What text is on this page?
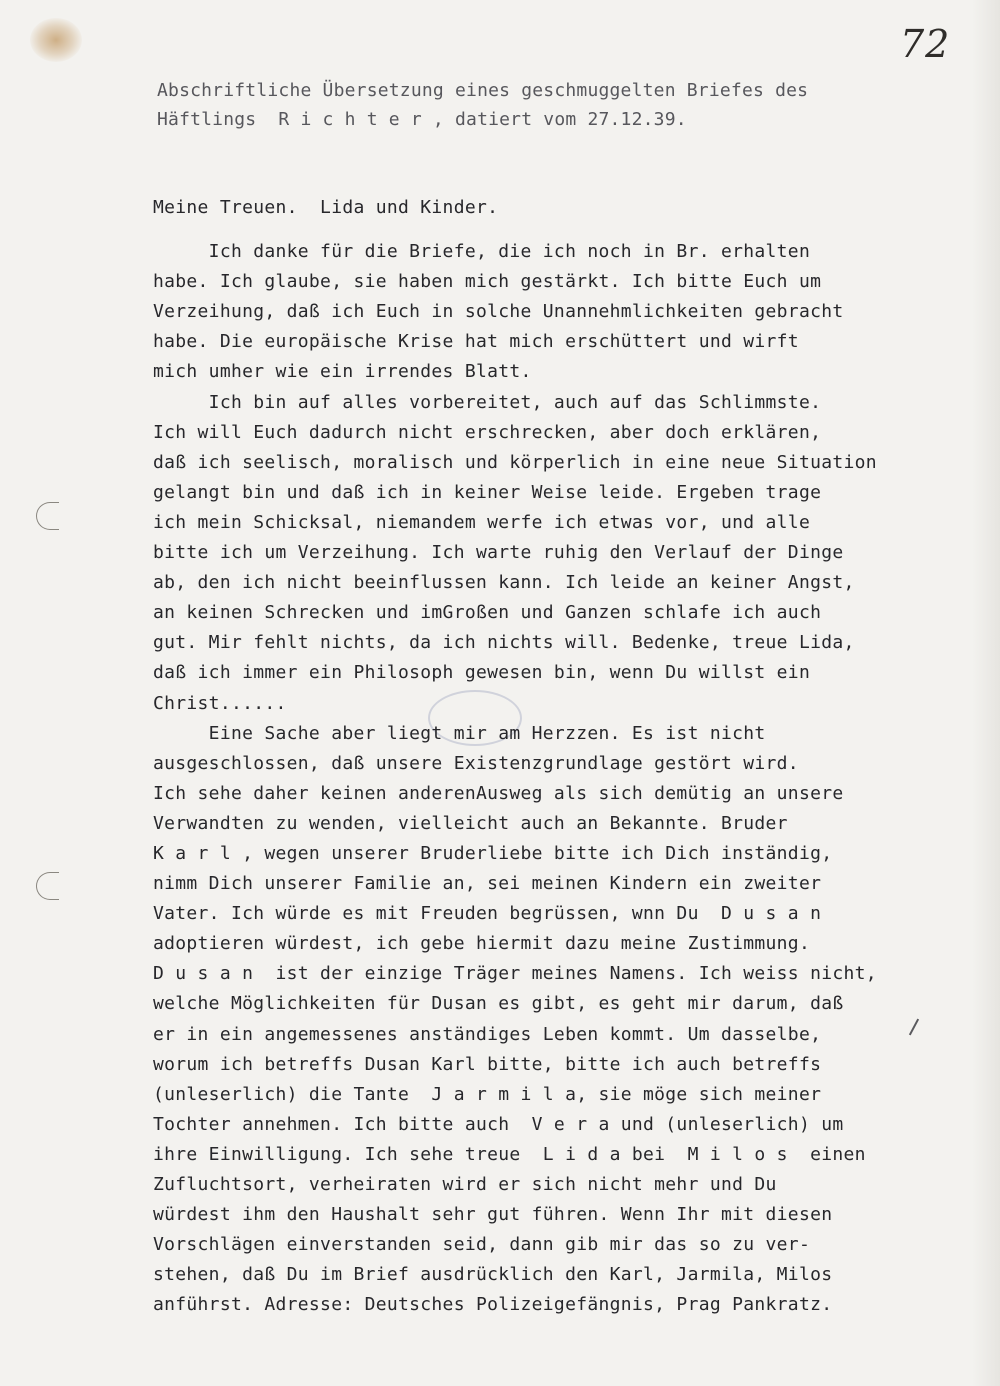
72
Abschriftliche Übersetzung eines geschmuggelten Briefes des
Häftlings  R i c h t e r , datiert vom 27.12.39.
Meine Treuen.  Lida und Kinder.
Ich danke für die Briefe, die ich noch in Br. erhalten
habe. Ich glaube, sie haben mich gestärkt. Ich bitte Euch um
Verzeihung, daß ich Euch in solche Unannehmlichkeiten gebracht
habe. Die europäische Krise hat mich erschüttert und wirft
mich umher wie ein irrendes Blatt.
Ich bin auf alles vorbereitet, auch auf das Schlimmste.
Ich will Euch dadurch nicht erschrecken, aber doch erklären,
daß ich seelisch, moralisch und körperlich in eine neue Situation
gelangt bin und daß ich in keiner Weise leide. Ergeben trage
ich mein Schicksal, niemandem werfe ich etwas vor, und alle
bitte ich um Verzeihung. Ich warte ruhig den Verlauf der Dinge
ab, den ich nicht beeinflussen kann. Ich leide an keiner Angst,
an keinen Schrecken und imGroßen und Ganzen schlafe ich auch
gut. Mir fehlt nichts, da ich nichts will. Bedenke, treue Lida,
daß ich immer ein Philosoph gewesen bin, wenn Du willst ein
Christ......
Eine Sache aber liegt mir am Herzzen. Es ist nicht
ausgeschlossen, daß unsere Existenzgrundlage gestört wird.
Ich sehe daher keinen anderenAusweg als sich demütig an unsere
Verwandten zu wenden, vielleicht auch an Bekannte. Bruder
K a r l , wegen unserer Bruderliebe bitte ich Dich inständig,
nimm Dich unserer Familie an, sei meinen Kindern ein zweiter
Vater. Ich würde es mit Freuden begrüssen, wnn Du  D u s a n
adoptieren würdest, ich gebe hiermit dazu meine Zustimmung.
D u s a n  ist der einzige Träger meines Namens. Ich weiss nicht,
welche Möglichkeiten für Dusan es gibt, es geht mir darum, daß
er in ein angemessenes anständiges Leben kommt. Um dasselbe,
worum ich betreffs Dusan Karl bitte, bitte ich auch betreffs
(unleserlich) die Tante  J a r m i l a, sie möge sich meiner
Tochter annehmen. Ich bitte auch  V e r a und (unleserlich) um
ihre Einwilligung. Ich sehe treue  L i d a bei  M i l o s  einen
Zufluchtsort, verheiraten wird er sich nicht mehr und Du
würdest ihm den Haushalt sehr gut führen. Wenn Ihr mit diesen
Vorschlägen einverstanden seid, dann gib mir das so zu ver-
stehen, daß Du im Brief ausdrücklich den Karl, Jarmila, Milos
anführst. Adresse: Deutsches Polizeigefängnis, Prag Pankratz.
